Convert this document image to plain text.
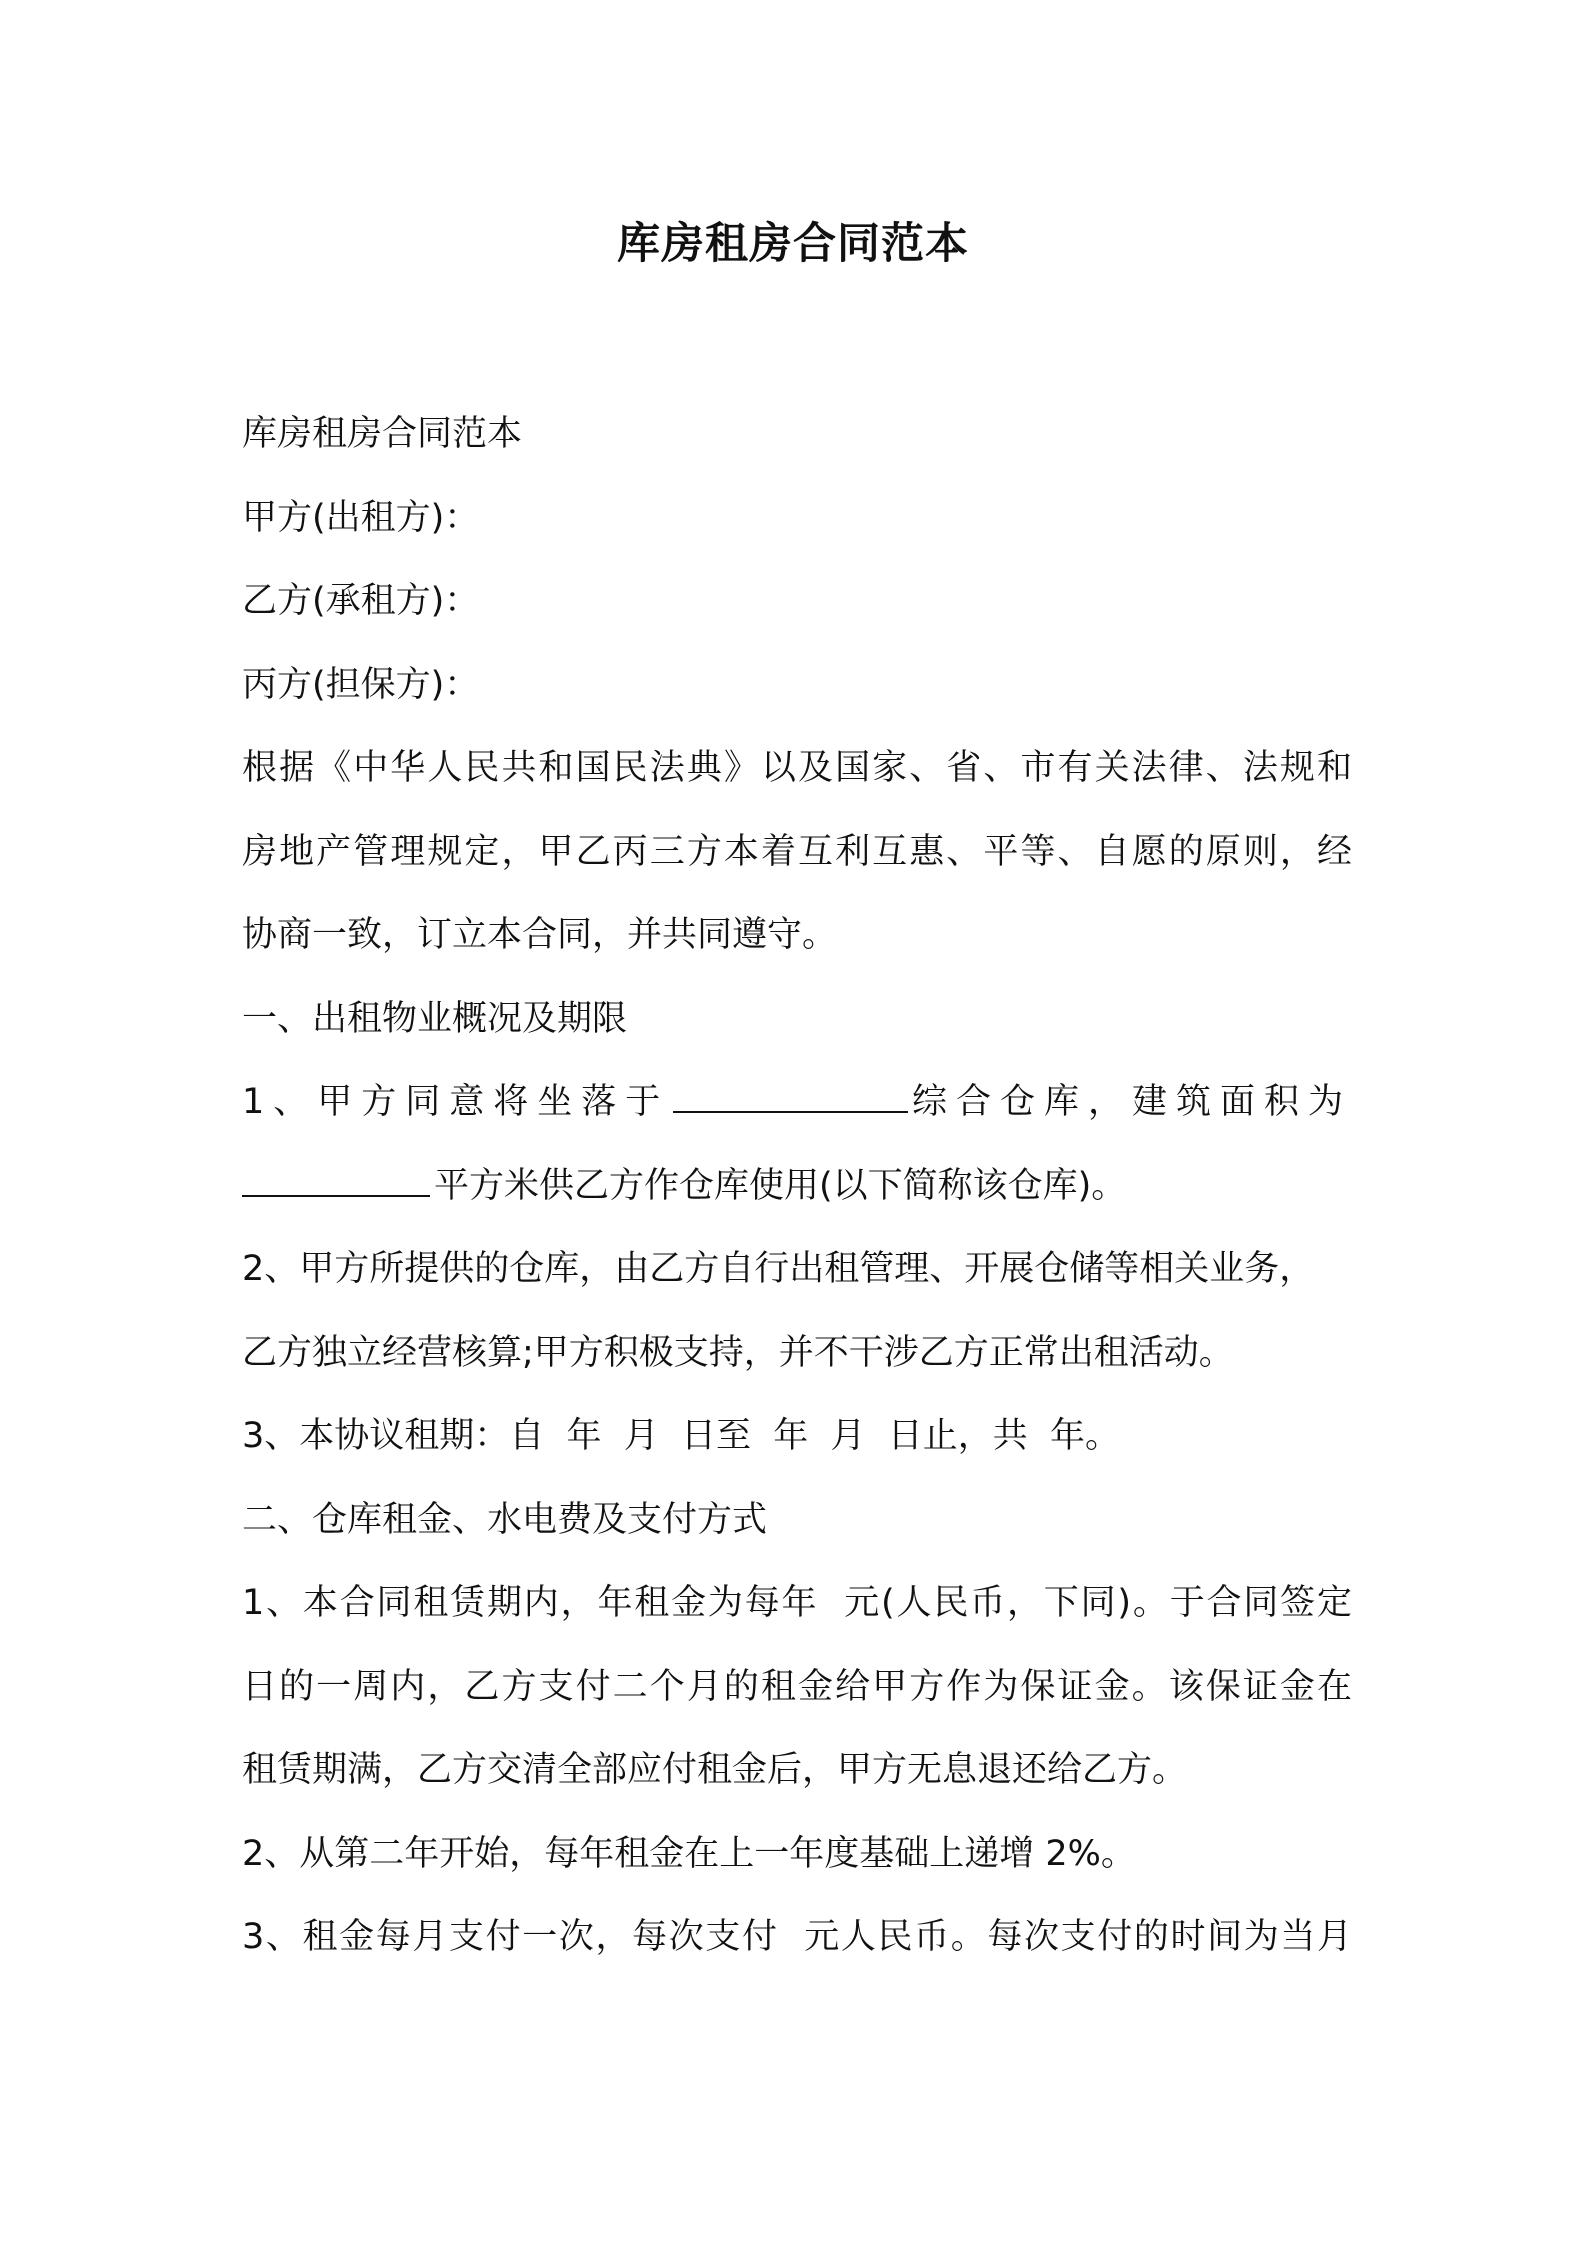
库房租房合同范本
库房租房合同范本
甲方(出租方)：
乙方(承租方)：
丙方(担保方)：
根据《中华人民共和国民法典》以及国家、省、市有关法律、法规和
房地产管理规定，甲乙丙三方本着互利互惠、平等、自愿的原则，经
协商一致，订立本合同，并共同遵守。
一、出租物业概况及期限
1、甲方同意将坐落于	综合仓库，建筑面积为
平方米供乙方作仓库使用(以下简称该仓库)。
2、甲方所提供的仓库，由乙方自行出租管理、开展仓储等相关业务，
乙方独立经营核算;甲方积极支持，并不干涉乙方正常出租活动。
3、本协议租期：自  年  月  日至  年  月  日止，共  年。
二、仓库租金、水电费及支付方式
1、本合同租赁期内，年租金为每年  元(人民币，下同)。于合同签定
日的一周内，乙方支付二个月的租金给甲方作为保证金。该保证金在
租赁期满，乙方交清全部应付租金后，甲方无息退还给乙方。
2、从第二年开始，每年租金在上一年度基础上递增 2%。
3、租金每月支付一次，每次支付  元人民币。每次支付的时间为当月
